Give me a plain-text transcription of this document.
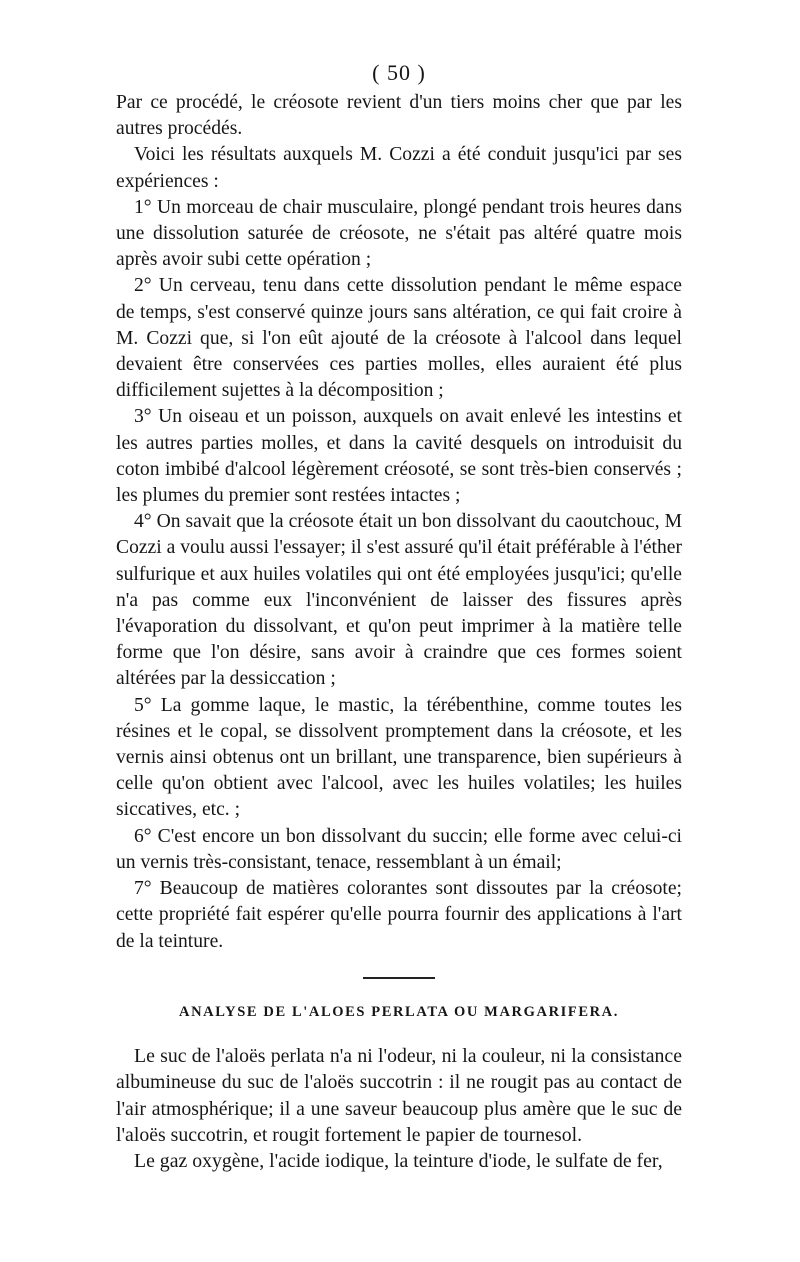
( 50 )

Par ce procédé, le créosote revient d'un tiers moins cher que par les autres procédés.

Voici les résultats auxquels M. Cozzi a été conduit jusqu'ici par ses expériences :

1° Un morceau de chair musculaire, plongé pendant trois heures dans une dissolution saturée de créosote, ne s'était pas altéré quatre mois après avoir subi cette opération ;

2° Un cerveau, tenu dans cette dissolution pendant le même espace de temps, s'est conservé quinze jours sans altération, ce qui fait croire à M. Cozzi que, si l'on eût ajouté de la créosote à l'alcool dans lequel devaient être conservées ces parties molles, elles auraient été plus difficilement sujettes à la décomposition ;

3° Un oiseau et un poisson, auxquels on avait enlevé les intestins et les autres parties molles, et dans la cavité desquels on introduisit du coton imbibé d'alcool légèrement créosoté, se sont très-bien conservés ; les plumes du premier sont restées intactes ;

4° On savait que la créosote était un bon dissolvant du caoutchouc, M Cozzi a voulu aussi l'essayer; il s'est assuré qu'il était préférable à l'éther sulfurique et aux huiles volatiles qui ont été employées jusqu'ici; qu'elle n'a pas comme eux l'inconvénient de laisser des fissures après l'évaporation du dissolvant, et qu'on peut imprimer à la matière telle forme que l'on désire, sans avoir à craindre que ces formes soient altérées par la dessiccation ;

5° La gomme laque, le mastic, la térébenthine, comme toutes les résines et le copal, se dissolvent promptement dans la créosote, et les vernis ainsi obtenus ont un brillant, une transparence, bien supérieurs à celle qu'on obtient avec l'alcool, avec les huiles volatiles; les huiles siccatives, etc. ;

6° C'est encore un bon dissolvant du succin; elle forme avec celui-ci un vernis très-consistant, tenace, ressemblant à un émail;

7° Beaucoup de matières colorantes sont dissoutes par la créosote; cette propriété fait espérer qu'elle pourra fournir des applications à l'art de la teinture.

ANALYSE DE L'ALOES PERLATA OU MARGARIFERA.

Le suc de l'aloës perlata n'a ni l'odeur, ni la couleur, ni la consistance albumineuse du suc de l'aloës succotrin : il ne rougit pas au contact de l'air atmosphérique; il a une saveur beaucoup plus amère que le suc de l'aloës succotrin, et rougit fortement le papier de tournesol.

Le gaz oxygène, l'acide iodique, la teinture d'iode, le sulfate de fer,
